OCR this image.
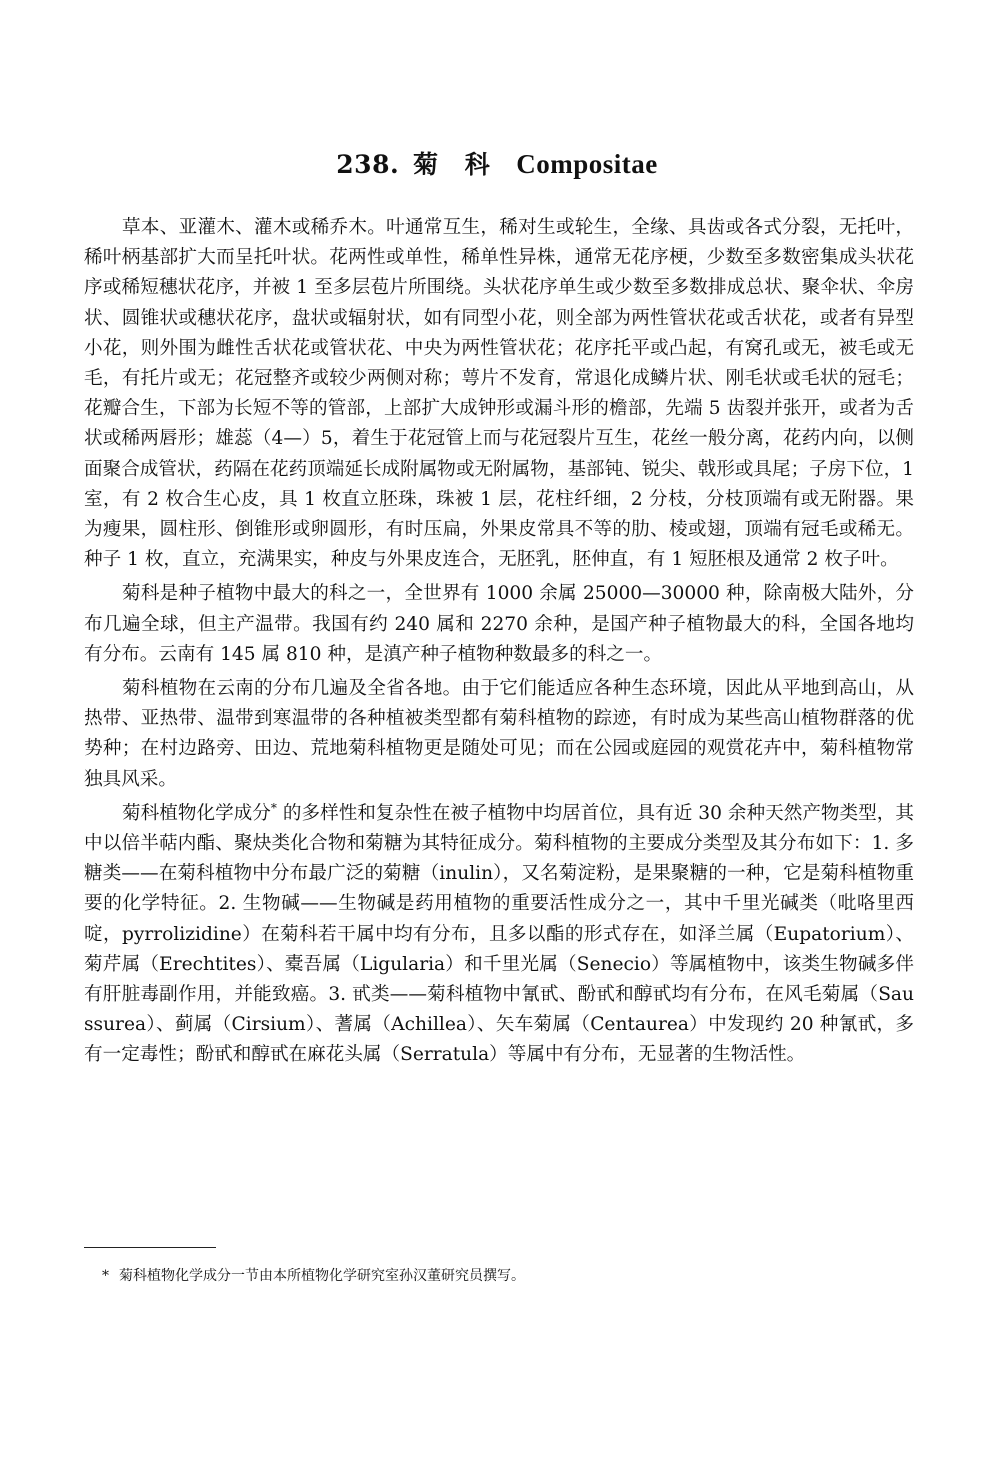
238. 菊 科 Compositae

草本、亚灌木、灌木或稀乔木。叶通常互生，稀对生或轮生，全缘、具齿或各式分裂，无托叶，稀叶柄基部扩大而呈托叶状。花两性或单性，稀单性异株，通常无花序梗，少数至多数密集成头状花序或稀短穗状花序，并被 1 至多层苞片所围绕。头状花序单生或少数至多数排成总状、聚伞状、伞房状、圆锥状或穗状花序，盘状或辐射状，如有同型小花，则全部为两性管状花或舌状花，或者有异型小花，则外围为雌性舌状花或管状花、中央为两性管状花；花序托平或凸起，有窝孔或无，被毛或无毛，有托片或无；花冠整齐或较少两侧对称；萼片不发育，常退化成鳞片状、刚毛状或毛状的冠毛；花瓣合生，下部为长短不等的管部，上部扩大成钟形或漏斗形的檐部，先端 5 齿裂并张开，或者为舌状或稀两唇形；雄蕊（4—）5，着生于花冠管上而与花冠裂片互生，花丝一般分离，花药内向，以侧面聚合成管状，药隔在花药顶端延长成附属物或无附属物，基部钝、锐尖、戟形或具尾；子房下位，1 室，有 2 枚合生心皮，具 1 枚直立胚珠，珠被 1 层，花柱纤细，2 分枝，分枝顶端有或无附器。果为瘦果，圆柱形、倒锥形或卵圆形，有时压扁，外果皮常具不等的肋、棱或翅，顶端有冠毛或稀无。种子 1 枚，直立，充满果实，种皮与外果皮连合，无胚乳，胚伸直，有 1 短胚根及通常 2 枚子叶。

菊科是种子植物中最大的科之一，全世界有 1000 余属 25000—30000 种，除南极大陆外，分布几遍全球，但主产温带。我国有约 240 属和 2270 余种，是国产种子植物最大的科，全国各地均有分布。云南有 145 属 810 种，是滇产种子植物种数最多的科之一。

菊科植物在云南的分布几遍及全省各地。由于它们能适应各种生态环境，因此从平地到高山，从热带、亚热带、温带到寒温带的各种植被类型都有菊科植物的踪迹，有时成为某些高山植物群落的优势种；在村边路旁、田边、荒地菊科植物更是随处可见；而在公园或庭园的观赏花卉中，菊科植物常独具风采。

菊科植物化学成分* 的多样性和复杂性在被子植物中均居首位，具有近 30 余种天然产物类型，其中以倍半萜内酯、聚炔类化合物和菊糖为其特征成分。菊科植物的主要成分类型及其分布如下：1. 多糖类——在菊科植物中分布最广泛的菊糖（inulin），又名菊淀粉，是果聚糖的一种，它是菊科植物重要的化学特征。2. 生物碱——生物碱是药用植物的重要活性成分之一，其中千里光碱类（吡咯里西啶，pyrrolizidine）在菊科若干属中均有分布，且多以酯的形式存在，如泽兰属（Eupatorium）、菊芹属（Erechtites）、橐吾属（Ligularia）和千里光属（Senecio）等属植物中，该类生物碱多伴有肝脏毒副作用，并能致癌。3. 甙类——菊科植物中氰甙、酚甙和醇甙均有分布，在风毛菊属（Saussurea）、蓟属（Cirsium）、蓍属（Achillea）、矢车菊属（Centaurea）中发现约 20 种氰甙，多有一定毒性；酚甙和醇甙在麻花头属（Serratula）等属中有分布，无显著的生物活性。

* 菊科植物化学成分一节由本所植物化学研究室孙汉董研究员撰写。
